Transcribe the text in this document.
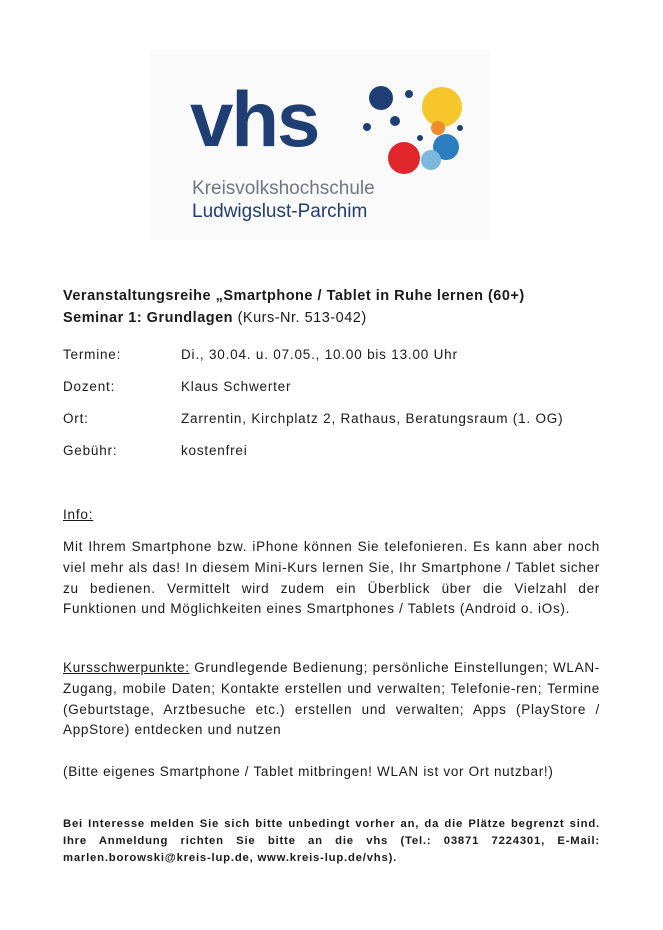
vhs
Kreisvolkshochschule
Ludwigslust-Parchim
Veranstaltungsreihe „Smartphone / Tablet in Ruhe lernen (60+)
Seminar 1: Grundlagen (Kurs-Nr. 513-042)
Termine:	Di., 30.04. u. 07.05., 10.00 bis 13.00 Uhr
Dozent:	Klaus Schwerter
Ort:	Zarrentin, Kirchplatz 2, Rathaus, Beratungsraum (1. OG)
Gebühr:	kostenfrei
Info:

Mit Ihrem Smartphone bzw. iPhone können Sie telefonieren. Es kann aber noch viel mehr als das! In diesem Mini-Kurs lernen Sie, Ihr Smartphone / Tablet sicher zu bedienen. Vermittelt wird zudem ein Überblick über die Vielzahl der Funktionen und Möglichkeiten eines Smartphones / Tablets (Android o. iOs).

Kursschwerpunkte: Grundlegende Bedienung; persönliche Einstellungen; WLAN-Zugang, mobile Daten; Kontakte erstellen und verwalten; Telefonie-ren; Termine (Geburtstage, Arztbesuche etc.) erstellen und verwalten; Apps (PlayStore / AppStore) entdecken und nutzen

(Bitte eigenes Smartphone / Tablet mitbringen! WLAN ist vor Ort nutzbar!)

Bei Interesse melden Sie sich bitte unbedingt vorher an, da die Plätze begrenzt sind. Ihre Anmeldung richten Sie bitte an die vhs (Tel.: 03871 7224301, E-Mail: marlen.borowski@kreis-lup.de, www.kreis-lup.de/vhs).
